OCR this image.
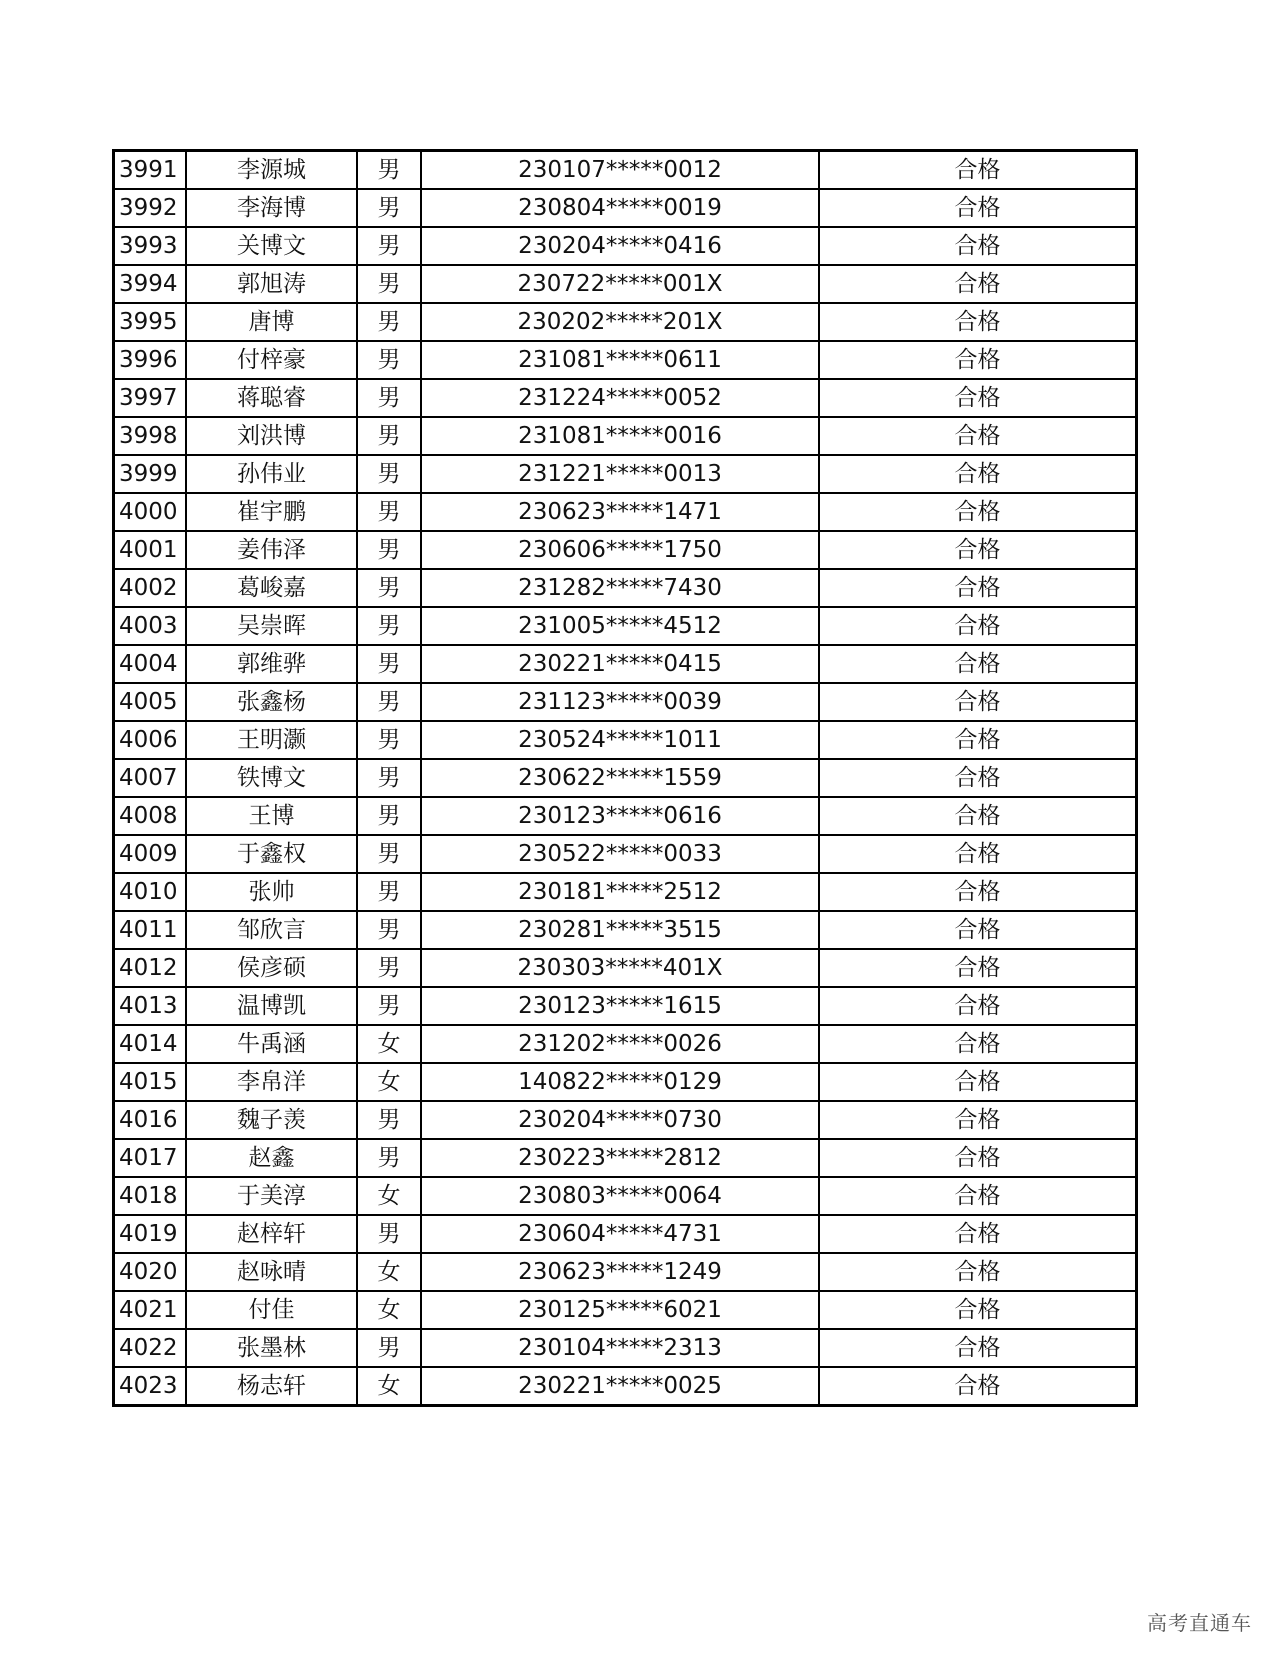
3991	李源城	男	230107*****0012	合格
3992	李海博	男	230804*****0019	合格
3993	关博文	男	230204*****0416	合格
3994	郭旭涛	男	230722*****001X	合格
3995	唐博	男	230202*****201X	合格
3996	付梓豪	男	231081*****0611	合格
3997	蒋聪睿	男	231224*****0052	合格
3998	刘洪博	男	231081*****0016	合格
3999	孙伟业	男	231221*****0013	合格
4000	崔宇鹏	男	230623*****1471	合格
4001	姜伟泽	男	230606*****1750	合格
4002	葛峻嘉	男	231282*****7430	合格
4003	吴崇晖	男	231005*****4512	合格
4004	郭维骅	男	230221*****0415	合格
4005	张鑫杨	男	231123*****0039	合格
4006	王明灏	男	230524*****1011	合格
4007	铁博文	男	230622*****1559	合格
4008	王博	男	230123*****0616	合格
4009	于鑫权	男	230522*****0033	合格
4010	张帅	男	230181*****2512	合格
4011	邹欣言	男	230281*****3515	合格
4012	侯彦硕	男	230303*****401X	合格
4013	温博凯	男	230123*****1615	合格
4014	牛禹涵	女	231202*****0026	合格
4015	李帛洋	女	140822*****0129	合格
4016	魏子羡	男	230204*****0730	合格
4017	赵鑫	男	230223*****2812	合格
4018	于美淳	女	230803*****0064	合格
4019	赵梓轩	男	230604*****4731	合格
4020	赵咏晴	女	230623*****1249	合格
4021	付佳	女	230125*****6021	合格
4022	张墨林	男	230104*****2313	合格
4023	杨志轩	女	230221*****0025	合格
高考直通车
